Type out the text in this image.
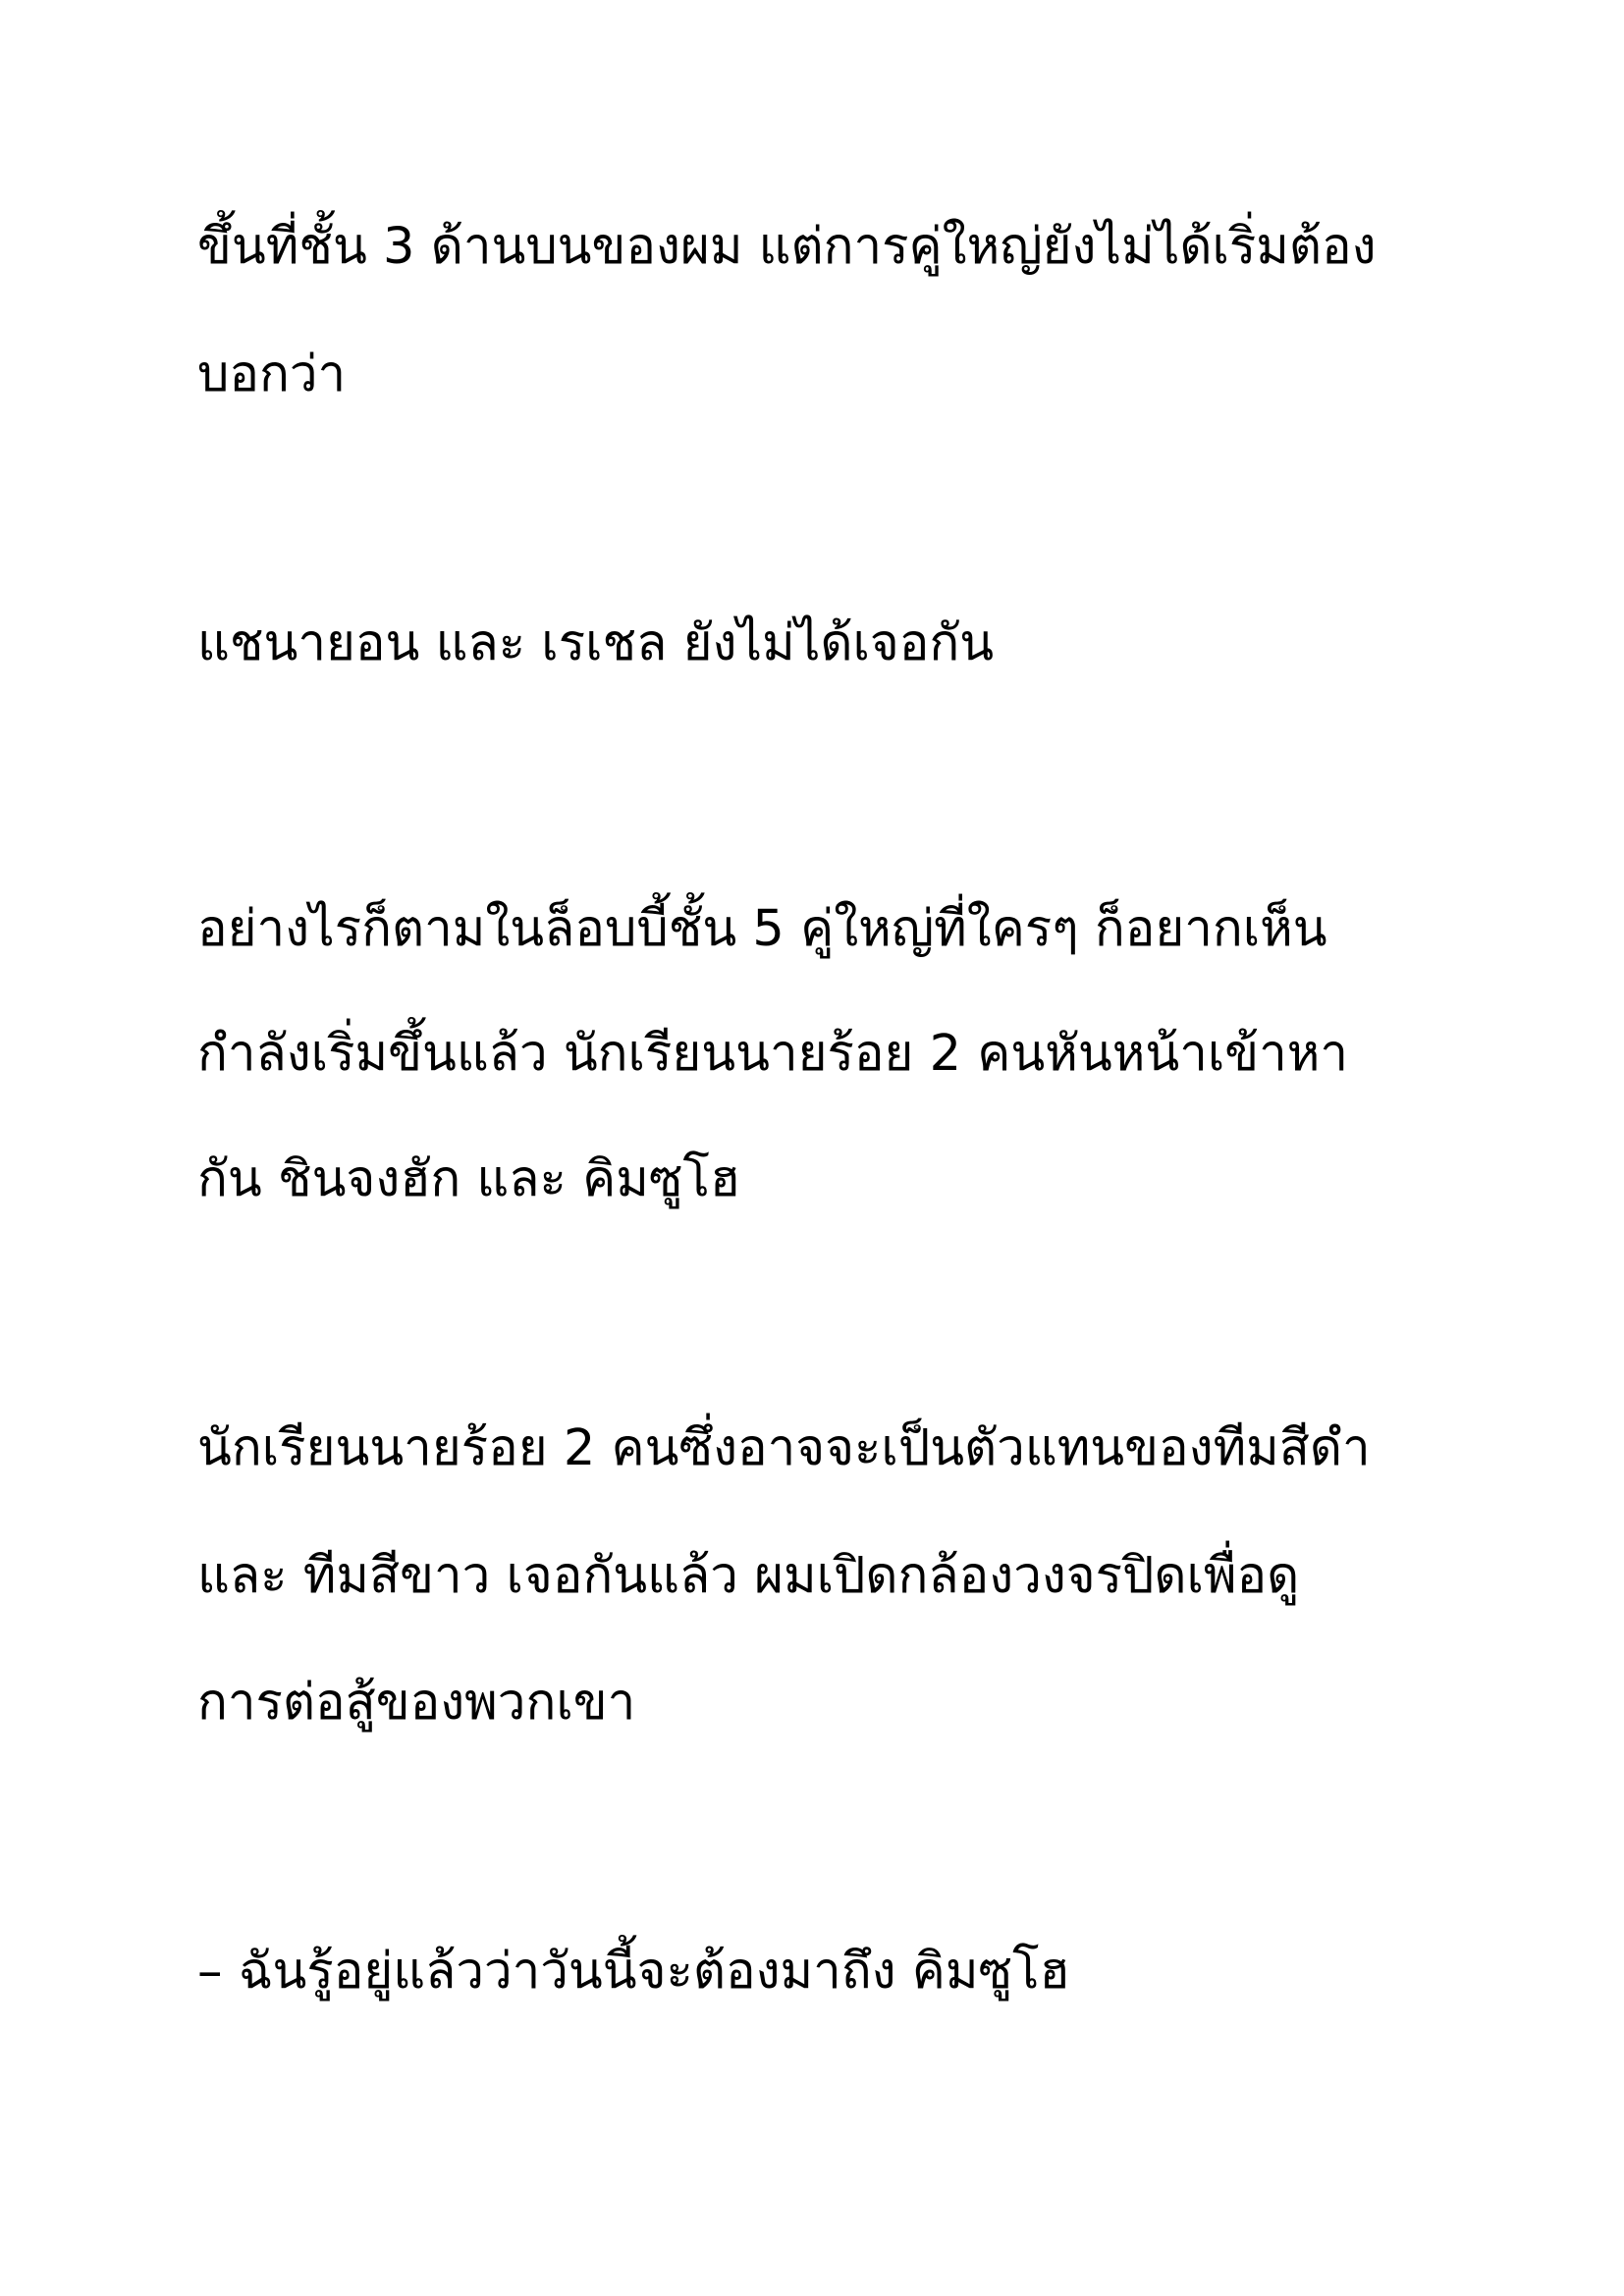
ขึ้นที่ชั้น 3 ด้านบนของผม แต่การคู่ใหญ่ยังไม่ได้เริ่มต้อง
บอกว่า
แชนายอน และ เรเชล ยังไม่ได้เจอกัน
อย่างไรก็ตามในล็อบบี้ชั้น 5 คู่ใหญ่ที่ใครๆ ก็อยากเห็น
กำลังเริ่มขึ้นแล้ว นักเรียนนายร้อย 2 คนหันหน้าเข้าหา
กัน ชินจงฮัก และ คิมซูโฮ
นักเรียนนายร้อย 2 คนซึ่งอาจจะเป็นตัวแทนของทีมสีดำ
และ ทีมสีขาว เจอกันแล้ว ผมเปิดกล้องวงจรปิดเพื่อดู
การต่อสู้ของพวกเขา
– ฉันรู้อยู่แล้วว่าวันนี้จะต้องมาถึง คิมซูโฮ
